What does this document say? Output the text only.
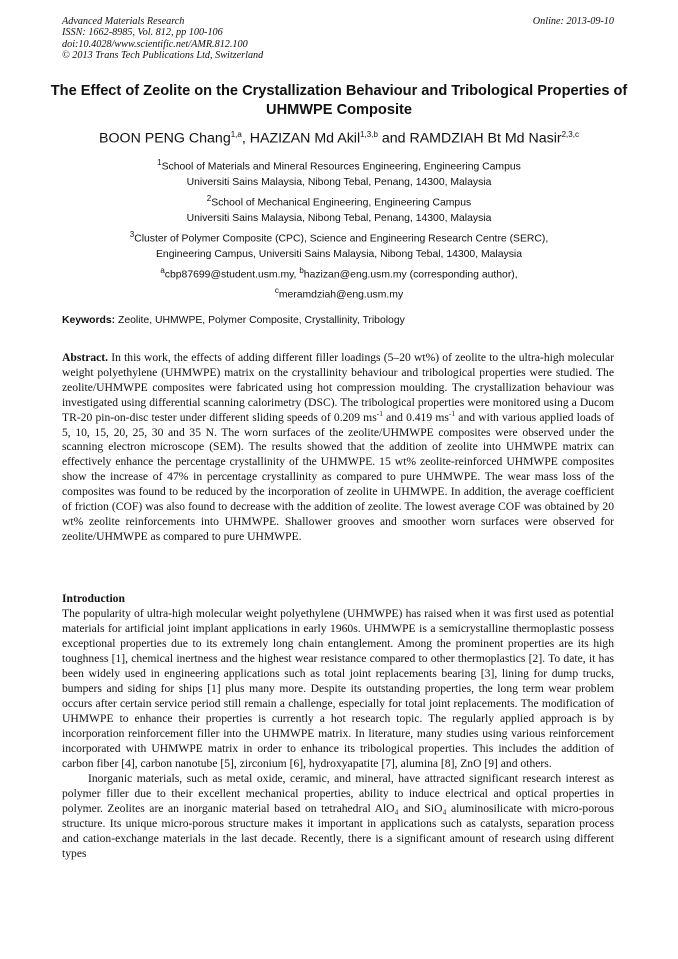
Advanced Materials Research
ISSN: 1662-8985, Vol. 812, pp 100-106
doi:10.4028/www.scientific.net/AMR.812.100
© 2013 Trans Tech Publications Ltd, Switzerland
Online: 2013-09-10
The Effect of Zeolite on the Crystallization Behaviour and Tribological Properties of UHMWPE Composite
BOON PENG Chang$^{1,a}$, HAZIZAN Md Akil$^{1,3,b}$ and RAMDZIAH Bt Md Nasir$^{2,3,c}$
$^1$School of Materials and Mineral Resources Engineering, Engineering Campus
Universiti Sains Malaysia, Nibong Tebal, Penang, 14300, Malaysia
$^2$School of Mechanical Engineering, Engineering Campus
Universiti Sains Malaysia, Nibong Tebal, Penang, 14300, Malaysia
$^3$Cluster of Polymer Composite (CPC), Science and Engineering Research Centre (SERC),
Engineering Campus, Universiti Sains Malaysia, Nibong Tebal, 14300, Malaysia
$^a$cbp87699@student.usm.my, $^b$hazizan@eng.usm.my (corresponding author),
$^c$meramdziah@eng.usm.my
Keywords: Zeolite, UHMWPE, Polymer Composite, Crystallinity, Tribology
Abstract. In this work, the effects of adding different filler loadings (5–20 wt%) of zeolite to the ultra-high molecular weight polyethylene (UHMWPE) matrix on the crystallinity behaviour and tribological properties were studied. The zeolite/UHMWPE composites were fabricated using hot compression moulding. The crystallization behaviour was investigated using differential scanning calorimetry (DSC). The tribological properties were monitored using a Ducom TR-20 pin-on-disc tester under different sliding speeds of 0.209 $ms^{-1}$ and 0.419 $ms^{-1}$ and with various applied loads of 5, 10, 15, 20, 25, 30 and 35 N. The worn surfaces of the zeolite/UHMWPE composites were observed under the scanning electron microscope (SEM). The results showed that the addition of zeolite into UHMWPE matrix can effectively enhance the percentage crystallinity of the UHMWPE. 15 wt% zeolite-reinforced UHMWPE composites show the increase of 47% in percentage crystallinity as compared to pure UHMWPE. The wear mass loss of the composites was found to be reduced by the incorporation of zeolite in UHMWPE. In addition, the average coefficient of friction (COF) was also found to decrease with the addition of zeolite. The lowest average COF was obtained by 20 wt% zeolite reinforcements into UHMWPE. Shallower grooves and smoother worn surfaces were observed for zeolite/UHMWPE as compared to pure UHMWPE.
Introduction

The popularity of ultra-high molecular weight polyethylene (UHMWPE) has raised when it was first used as potential materials for artificial joint implant applications in early 1960s. UHMWPE is a semicrystalline thermoplastic possess exceptional properties due to its extremely long chain entanglement. Among the prominent properties are its high toughness [1], chemical inertness and the highest wear resistance compared to other thermoplastics [2]. To date, it has been widely used in engineering applications such as total joint replacements bearing [3], lining for dump trucks, bumpers and siding for ships [1] plus many more. Despite its outstanding properties, the long term wear problem occurs after certain service period still remain a challenge, especially for total joint replacements. The modification of UHMWPE to enhance their properties is currently a hot research topic. The regularly applied approach is by incorporation reinforcement filler into the UHMWPE matrix. In literature, many studies using various reinforcement incorporated with UHMWPE matrix in order to enhance its tribological properties. This includes the addition of carbon fiber [4], carbon nanotube [5], zirconium [6], hydroxyapatite [7], alumina [8], ZnO [9] and others.

Inorganic materials, such as metal oxide, ceramic, and mineral, have attracted significant research interest as polymer filler due to their excellent mechanical properties, ability to induce electrical and optical properties in polymer. Zeolites are an inorganic material based on tetrahedral AlO₄ and SiO₄ aluminosilicate with micro-porous structure. Its unique micro-porous structure makes it important in applications such as catalysts, separation process and cation-exchange materials in the last decade. Recently, there is a significant amount of research using different types
